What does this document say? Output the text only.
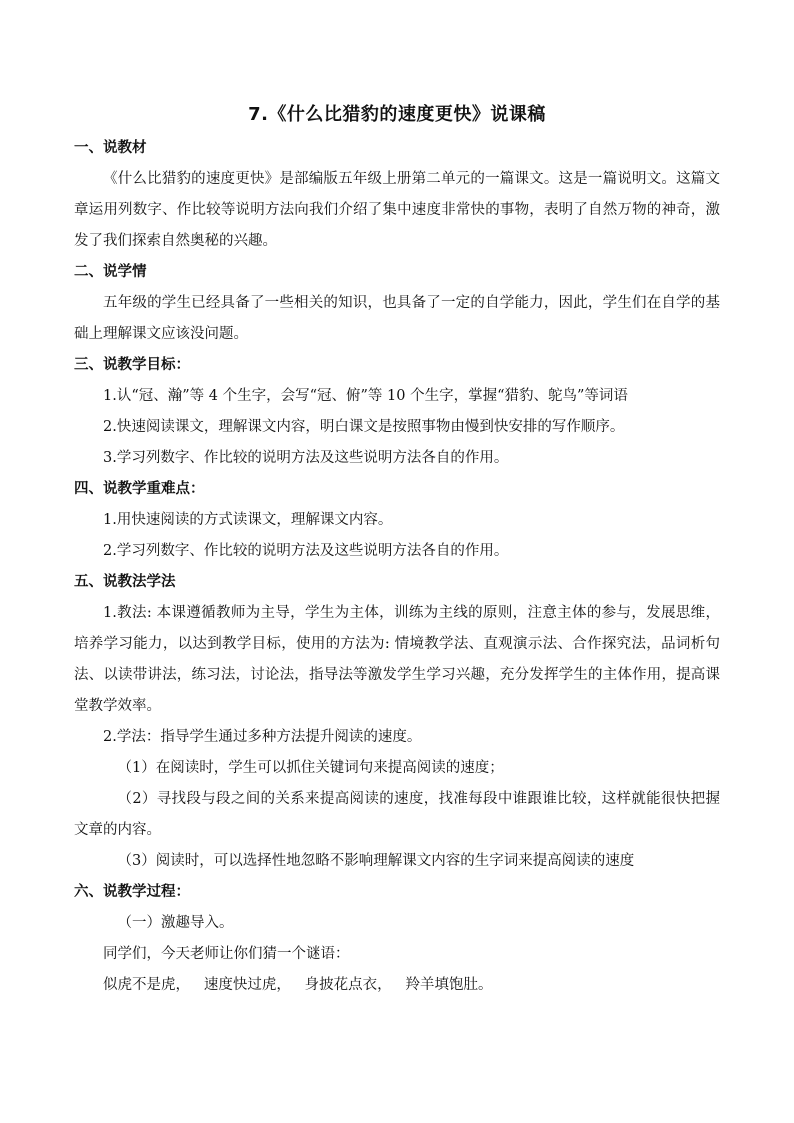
7.《什么比猎豹的速度更快》说课稿
一、说教材

《什么比猎豹的速度更快》是部编版五年级上册第二单元的一篇课文。这是一篇说明文。这篇文章运用列数字、作比较等说明方法向我们介绍了集中速度非常快的事物，表明了自然万物的神奇，激发了我们探索自然奥秘的兴趣。

二、说学情

五年级的学生已经具备了一些相关的知识，也具备了一定的自学能力，因此，学生们在自学的基础上理解课文应该没问题。

三、说教学目标：

1.认“冠、瀚”等 4 个生字，会写“冠、俯”等 10 个生字，掌握“猎豹、鸵鸟”等词语

2.快速阅读课文，理解课文内容，明白课文是按照事物由慢到快安排的写作顺序。

3.学习列数字、作比较的说明方法及这些说明方法各自的作用。

四、说教学重难点：

1.用快速阅读的方式读课文，理解课文内容。

2.学习列数字、作比较的说明方法及这些说明方法各自的作用。

五、说教法学法

1.教法: 本课遵循教师为主导，学生为主体，训练为主线的原则，注意主体的参与，发展思维，培养学习能力，以达到教学目标，使用的方法为: 情境教学法、直观演示法、合作探究法，品词析句法、以读带讲法，练习法，讨论法，指导法等激发学生学习兴趣，充分发挥学生的主体作用，提高课堂教学效率。

2.学法：指导学生通过多种方法提升阅读的速度。

（1）在阅读时，学生可以抓住关键词句来提高阅读的速度；

（2）寻找段与段之间的关系来提高阅读的速度，找准每段中谁跟谁比较，这样就能很快把握文章的内容。

（3）阅读时，可以选择性地忽略不影响理解课文内容的生字词来提高阅读的速度

六、说教学过程：

（一）激趣导入。

同学们，今天老师让你们猜一个谜语：

似虎不是虎，   速度快过虎，   身披花点衣，   羚羊填饱肚。
